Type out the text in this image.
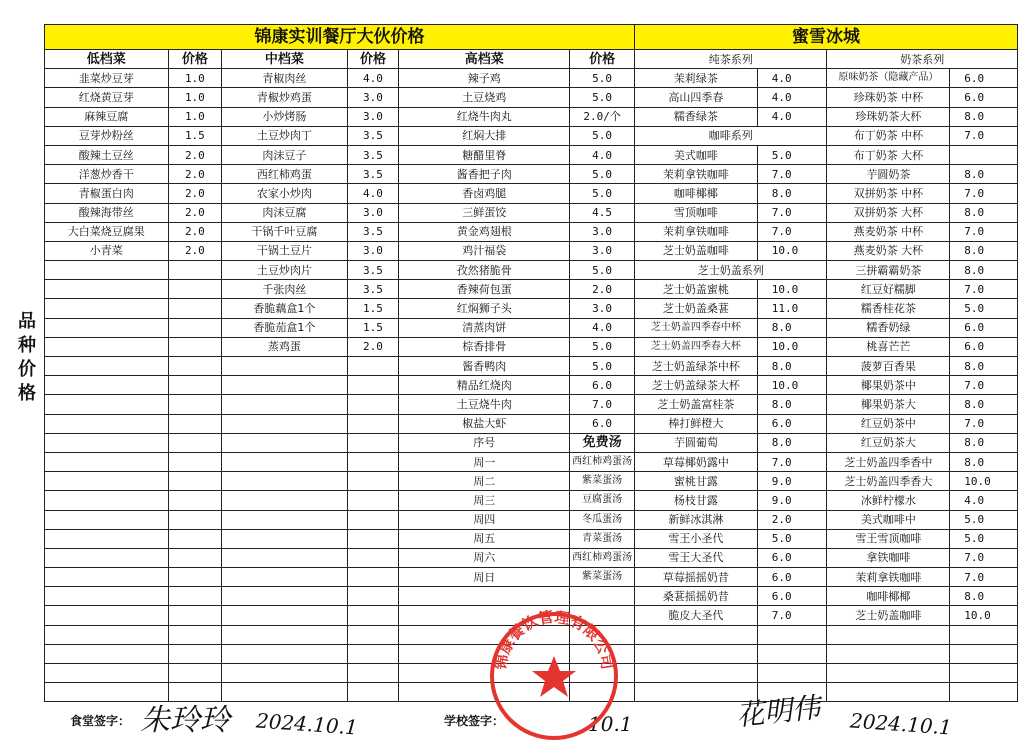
品种价格
锦康实训餐厅大伙价格						蜜雪冰城			
低档菜	价格	中档菜	价格	高档菜	价格	纯茶系列		奶茶系列	
韭菜炒豆芽	1.0	青椒肉丝	4.0	辣子鸡	5.0	茉莉绿茶	4.0	原味奶茶（隐藏产品）	6.0
红烧黄豆芽	1.0	青椒炒鸡蛋	3.0	土豆烧鸡	5.0	高山四季春	4.0	珍珠奶茶 中杯	6.0
麻辣豆腐	1.0	小炒烤肠	3.0	红烧牛肉丸	2.0/个	糯香绿茶	4.0	珍珠奶茶大杯	8.0
豆芽炒粉丝	1.5	土豆炒肉丁	3.5	红焖大排	5.0	咖啡系列		布丁奶茶 中杯	7.0
酸辣土豆丝	2.0	肉沫豆子	3.5	糖醋里脊	4.0	美式咖啡	5.0	布丁奶茶 大杯	
洋葱炒香干	2.0	西红柿鸡蛋	3.5	酱香把子肉	5.0	茉莉拿铁咖啡	7.0	芋圆奶茶	8.0
青椒蛋白肉	2.0	农家小炒肉	4.0	香卤鸡腿	5.0	咖啡椰椰	8.0	双拼奶茶 中杯	7.0
酸辣海带丝	2.0	肉沫豆腐	3.0	三鲜蛋饺	4.5	雪顶咖啡	7.0	双拼奶茶 大杯	8.0
大白菜烧豆腐果	2.0	干锅千叶豆腐	3.5	黄金鸡翅根	3.0	茉莉拿铁咖啡	7.0	燕麦奶茶 中杯	7.0
小青菜	2.0	干锅土豆片	3.0	鸡汁福袋	3.0	芝士奶盖咖啡	10.0	燕麦奶茶 大杯	8.0
		土豆炒肉片	3.5	孜然猪脆骨	5.0	芝士奶盖系列		三拼霸霸奶茶	8.0
		千张肉丝	3.5	香辣荷包蛋	2.0	芝士奶盖蜜桃	10.0	红豆好糯脚	7.0
		香脆藕盒1个	1.5	红焖狮子头	3.0	芝士奶盖桑葚	11.0	糯香桂花茶	5.0
		香脆茄盒1个	1.5	清蒸肉饼	4.0	芝士奶盖四季春中杯	8.0	糯香奶绿	6.0
		蒸鸡蛋	2.0	棕香排骨	5.0	芝士奶盖四季春大杯	10.0	桃喜芒芒	6.0
				酱香鸭肉	5.0	芝士奶盖绿茶中杯	8.0	菠萝百香果	8.0
				精品红烧肉	6.0	芝士奶盖绿茶大杯	10.0	椰果奶茶中	7.0
				土豆烧牛肉	7.0	芝士奶盖富桂茶	8.0	椰果奶茶大	8.0
				椒盐大虾	6.0	棒打鲜橙大	6.0	红豆奶茶中	7.0
				序号	免费汤	芋圆葡萄	8.0	红豆奶茶大	8.0
				周一	西红柿鸡蛋汤	草莓椰奶露中	7.0	芝士奶盖四季香中	8.0
				周二	紫菜蛋汤	蜜桃甘露	9.0	芝士奶盖四季香大	10.0
				周三	豆腐蛋汤	杨枝甘露	9.0	冰鲜柠檬水	4.0
				周四	冬瓜蛋汤	新鲜冰淇淋	2.0	美式咖啡中	5.0
				周五	青菜蛋汤	雪王小圣代	5.0	雪王雪顶咖啡	5.0
				周六	西红柿鸡蛋汤	雪王大圣代	6.0	拿铁咖啡	7.0
				周日	紫菜蛋汤	草莓摇摇奶昔	6.0	茉莉拿铁咖啡	7.0
						桑葚摇摇奶昔	6.0	咖啡椰椰	8.0
						脆皮大圣代	7.0	芝士奶盖咖啡	10.0

食堂签字： 朱玲玲 2024.10.1	学校签字：	10.1	花明伟 2024.10.1
锦康餐饮管理有限公司
